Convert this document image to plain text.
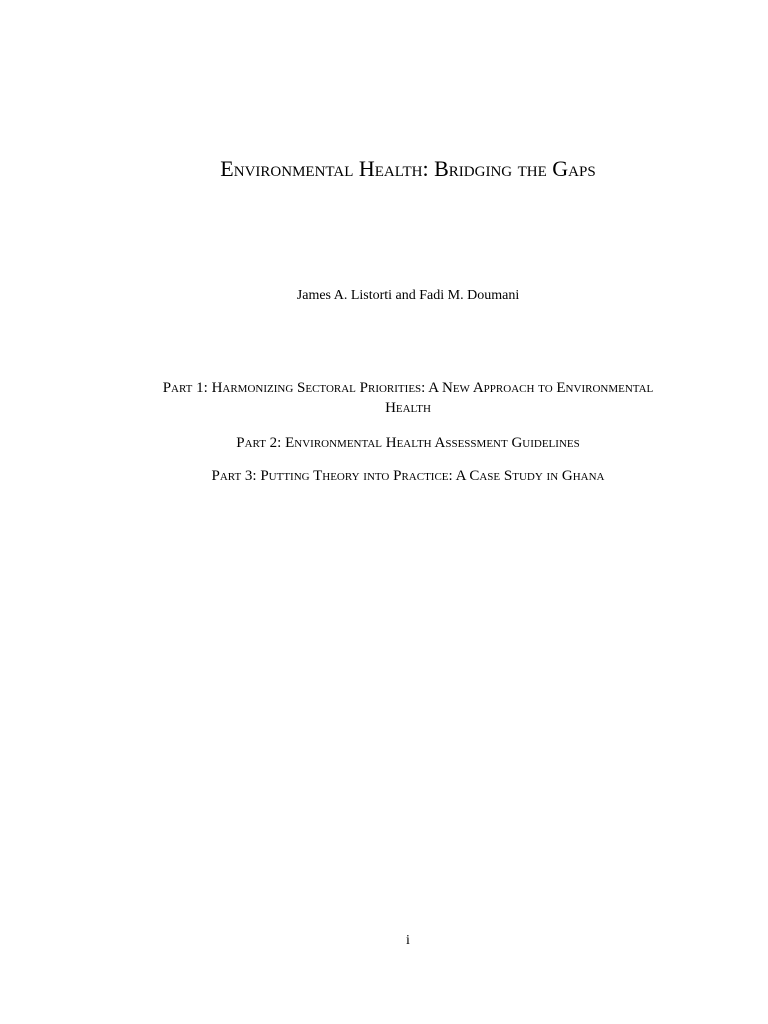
Environmental Health: Bridging the Gaps
James A. Listorti and Fadi M. Doumani

Part 1: Harmonizing Sectoral Priorities: A New Approach to Environmental Health

Part 2: Environmental Health Assessment Guidelines

Part 3: Putting Theory into Practice: A Case Study in Ghana

i
